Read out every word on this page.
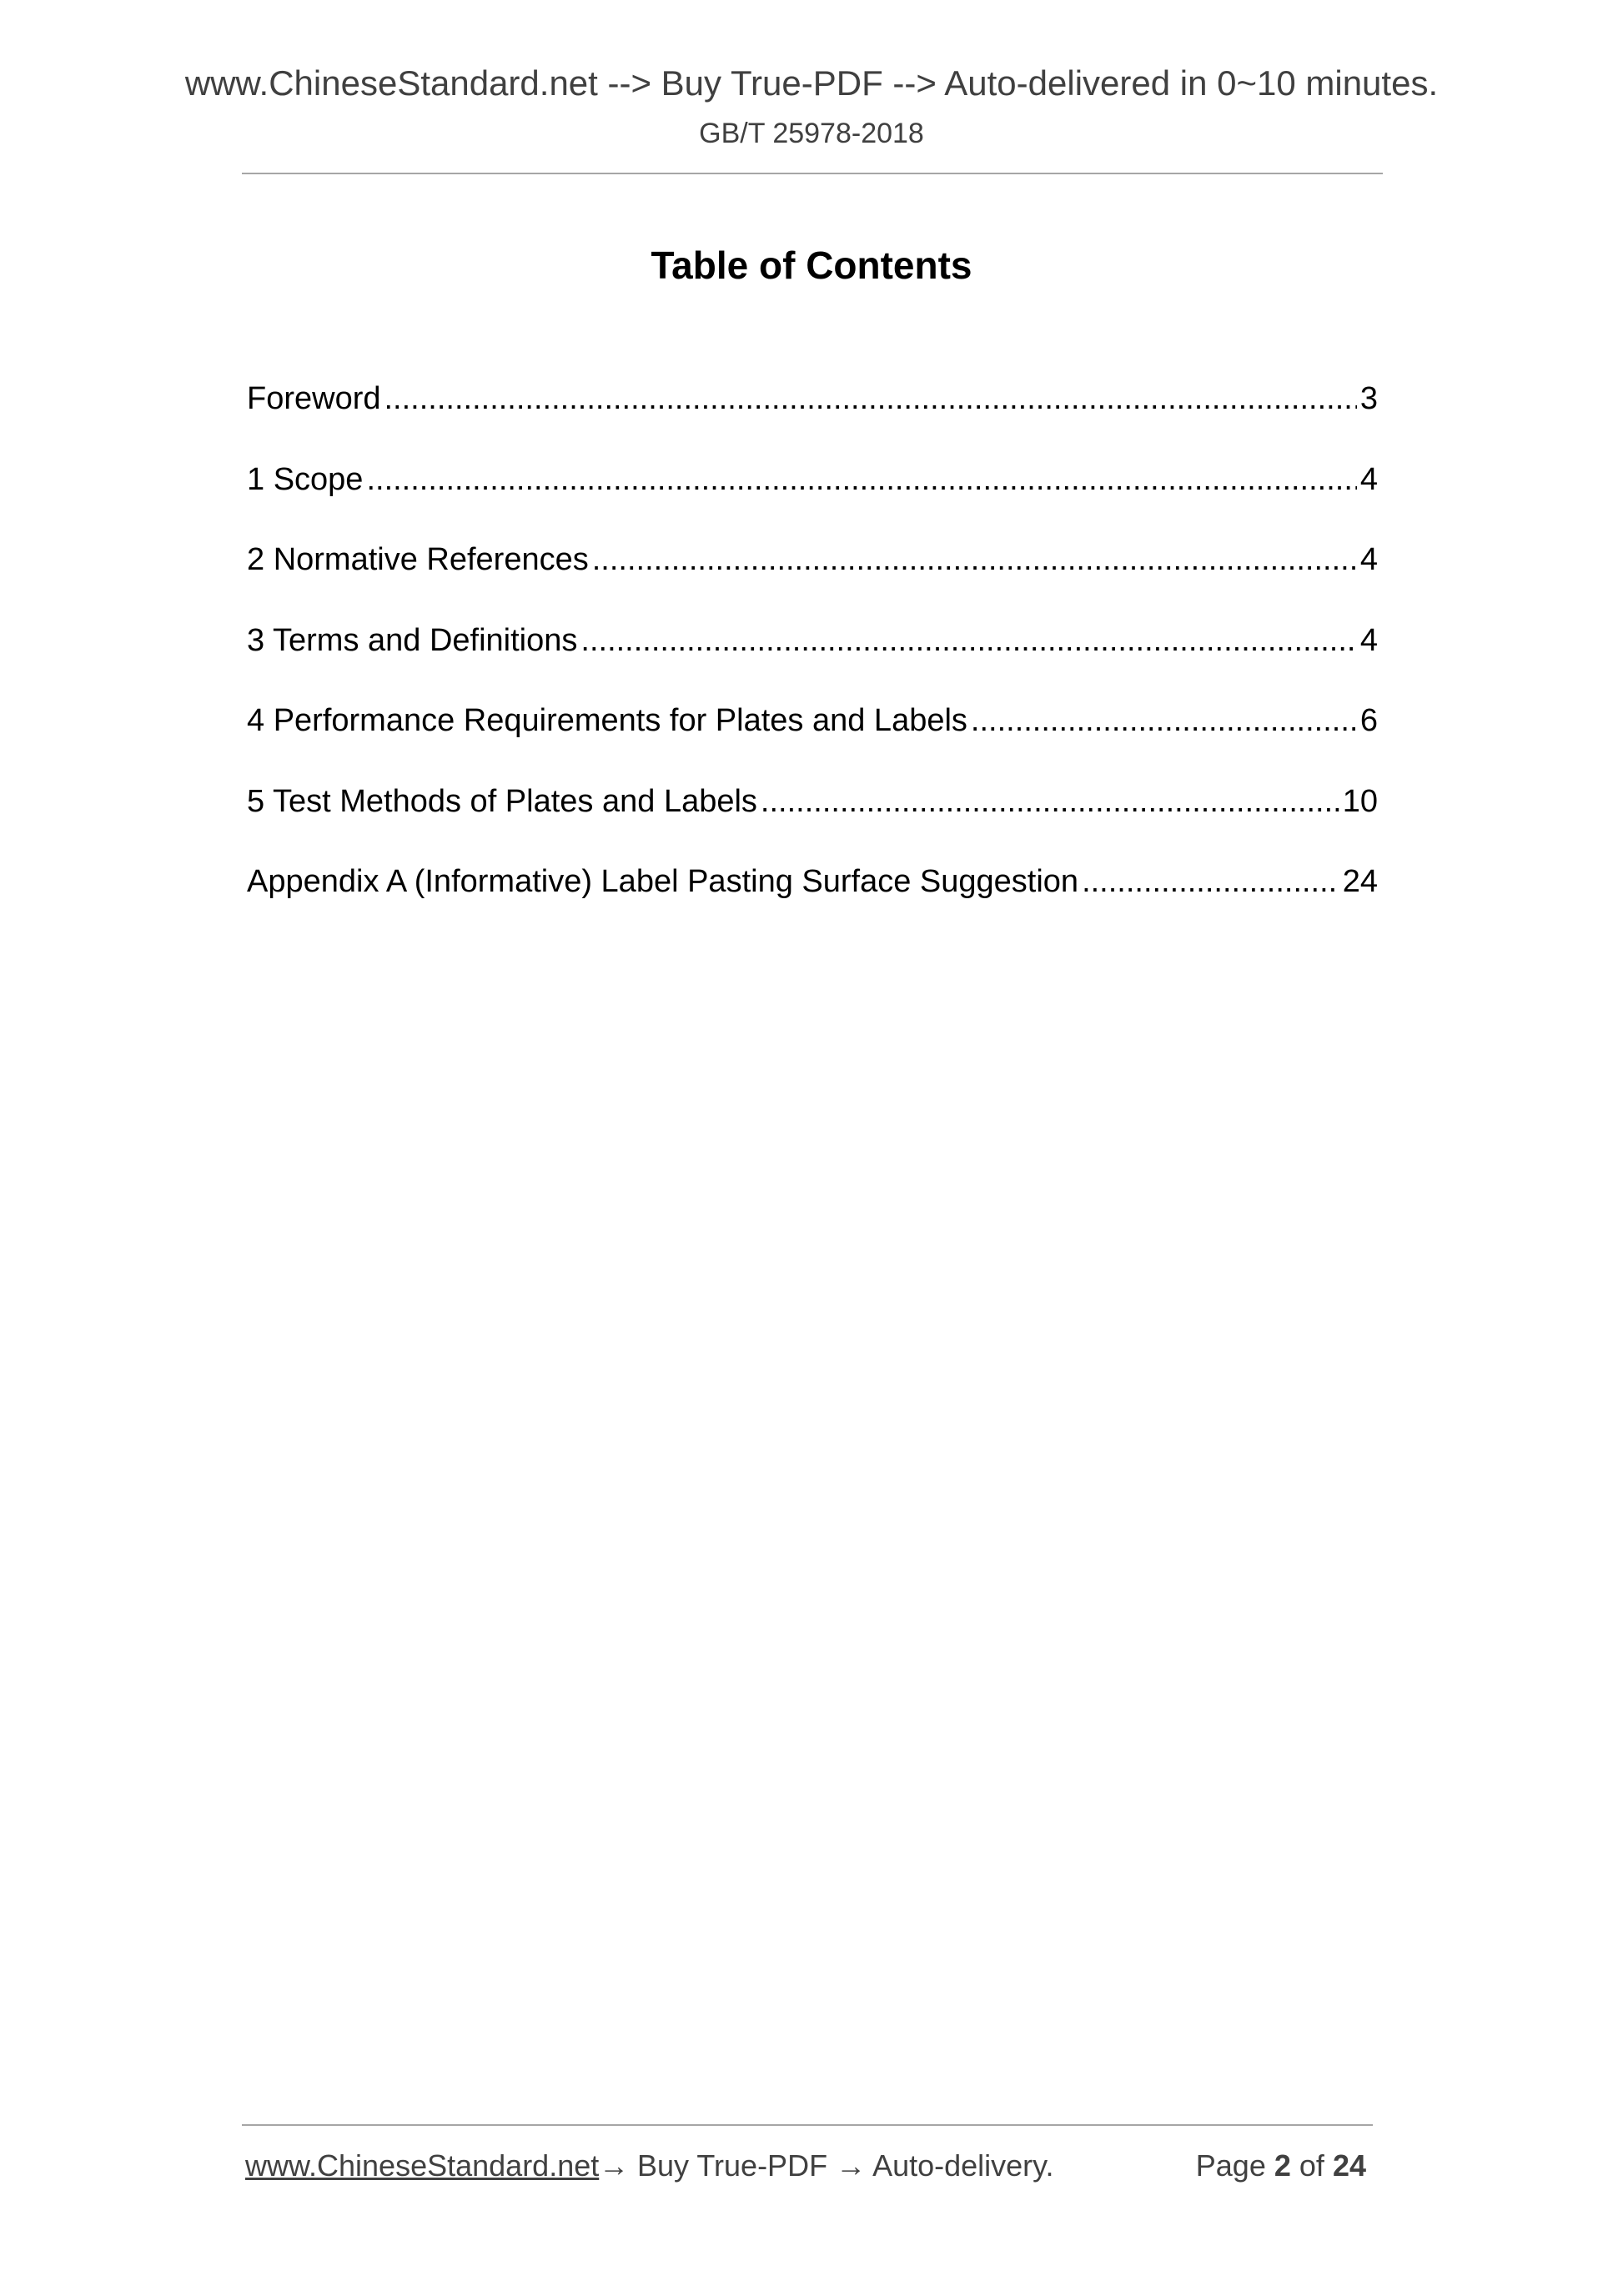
www.ChineseStandard.net --> Buy True-PDF --> Auto-delivered in 0~10 minutes.
GB/T 25978-2018
Table of Contents
Foreword .....	3
1 Scope .....	4
2 Normative References .....	4
3 Terms and Definitions .....	4
4 Performance Requirements for Plates and Labels .....	6
5 Test Methods of Plates and Labels .....	10
Appendix A (Informative) Label Pasting Surface Suggestion .....	24
www.ChineseStandard.net → Buy True-PDF → Auto-delivery.	Page 2 of 24
